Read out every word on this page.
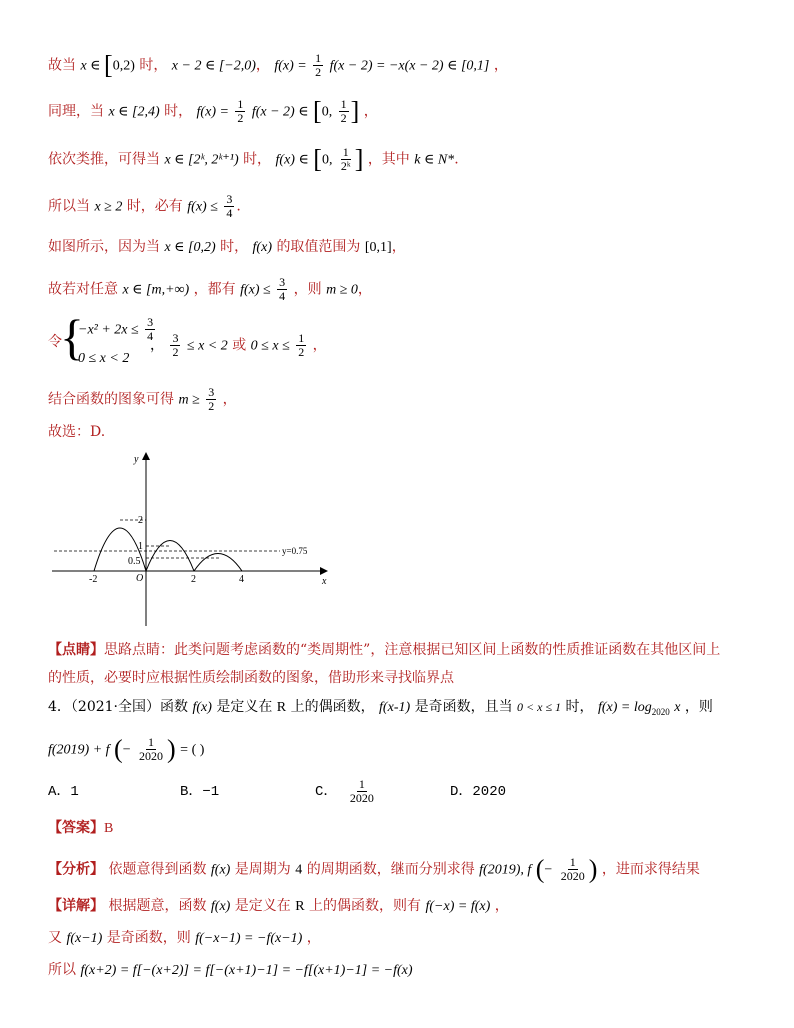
故当 x ∈ [0,2) 时， x − 2 ∈ [−2,0)， $f(x) = \frac{1}{2} f(x - 2) = -x(x - 2)$ ∈ [0,1] ，
同理，当 x ∈ [2,4) 时， $f(x) = \frac{1}{2} f(x - 2)$ ∈ [0, $\frac{1}{2}$ ] ，
依次类推，可得当 x ∈ [2ᵏ, 2ᵏ⁺¹) 时， f(x) ∈ [0, $\frac{1}{\text{2ᵏ}}$ ] ，其中 k ∈ N*.
所以当 x ≥ 2 时，必有 $f(x) \le \frac{3}{4}$ .
如图所示，因为当 x ∈ [0,2) 时， f(x) 的取值范围为 [0,1]，
故若对任意 x ∈ [m,+∞) ，都有 $f(x) \le \frac{3}{4}$ ，则 m ≥ 0，
令
{
$-x^2 + 2x \le \frac{3}{4}$
0 ≤ x < 2
， $\frac{3}{2} \le x < 2$ 或 $0 \le x \le \frac{1}{2}$ ，
结合函数的图象可得 $m \ge \frac{3}{2}$ ，
故选：D.
y
x
O
-2	2	4
2
1
0.5
y=0.75
【点睛】思路点睛：此类问题考虑函数的“类周期性”，注意根据已知区间上函数的性质推证函数在其他区间上
的性质，必要时应根据性质绘制函数的图象，借助形来寻找临界点
4．（2021·全国）函数 f(x) 是定义在 R 上的偶函数， f(x-1) 是奇函数，且当 0 < x ≤ 1 时， $f(x) = \log_{2020} x$ ，则
f(2019) + f (− $\frac{1}{2020}$ ) = ( )
A．1	B．−1	C． $\frac{1}{2020}$	D．2020
【答案】B
【分析】 依题意得到函数 f(x) 是周期为 4 的周期函数，继而分别求得 f(2019), f (− $\frac{1}{2020}$ ) ，进而求得结果
【详解】 根据题意，函数 f(x) 是定义在 R 上的偶函数，则有 f(−x) = f(x) ，
又 f(x−1) 是奇函数，则 f(−x−1) = −f(x−1) ，
所以 f(x+2) = f[−(x+2)] = f[−(x+1)−1] = −f[(x+1)−1] = −f(x)
